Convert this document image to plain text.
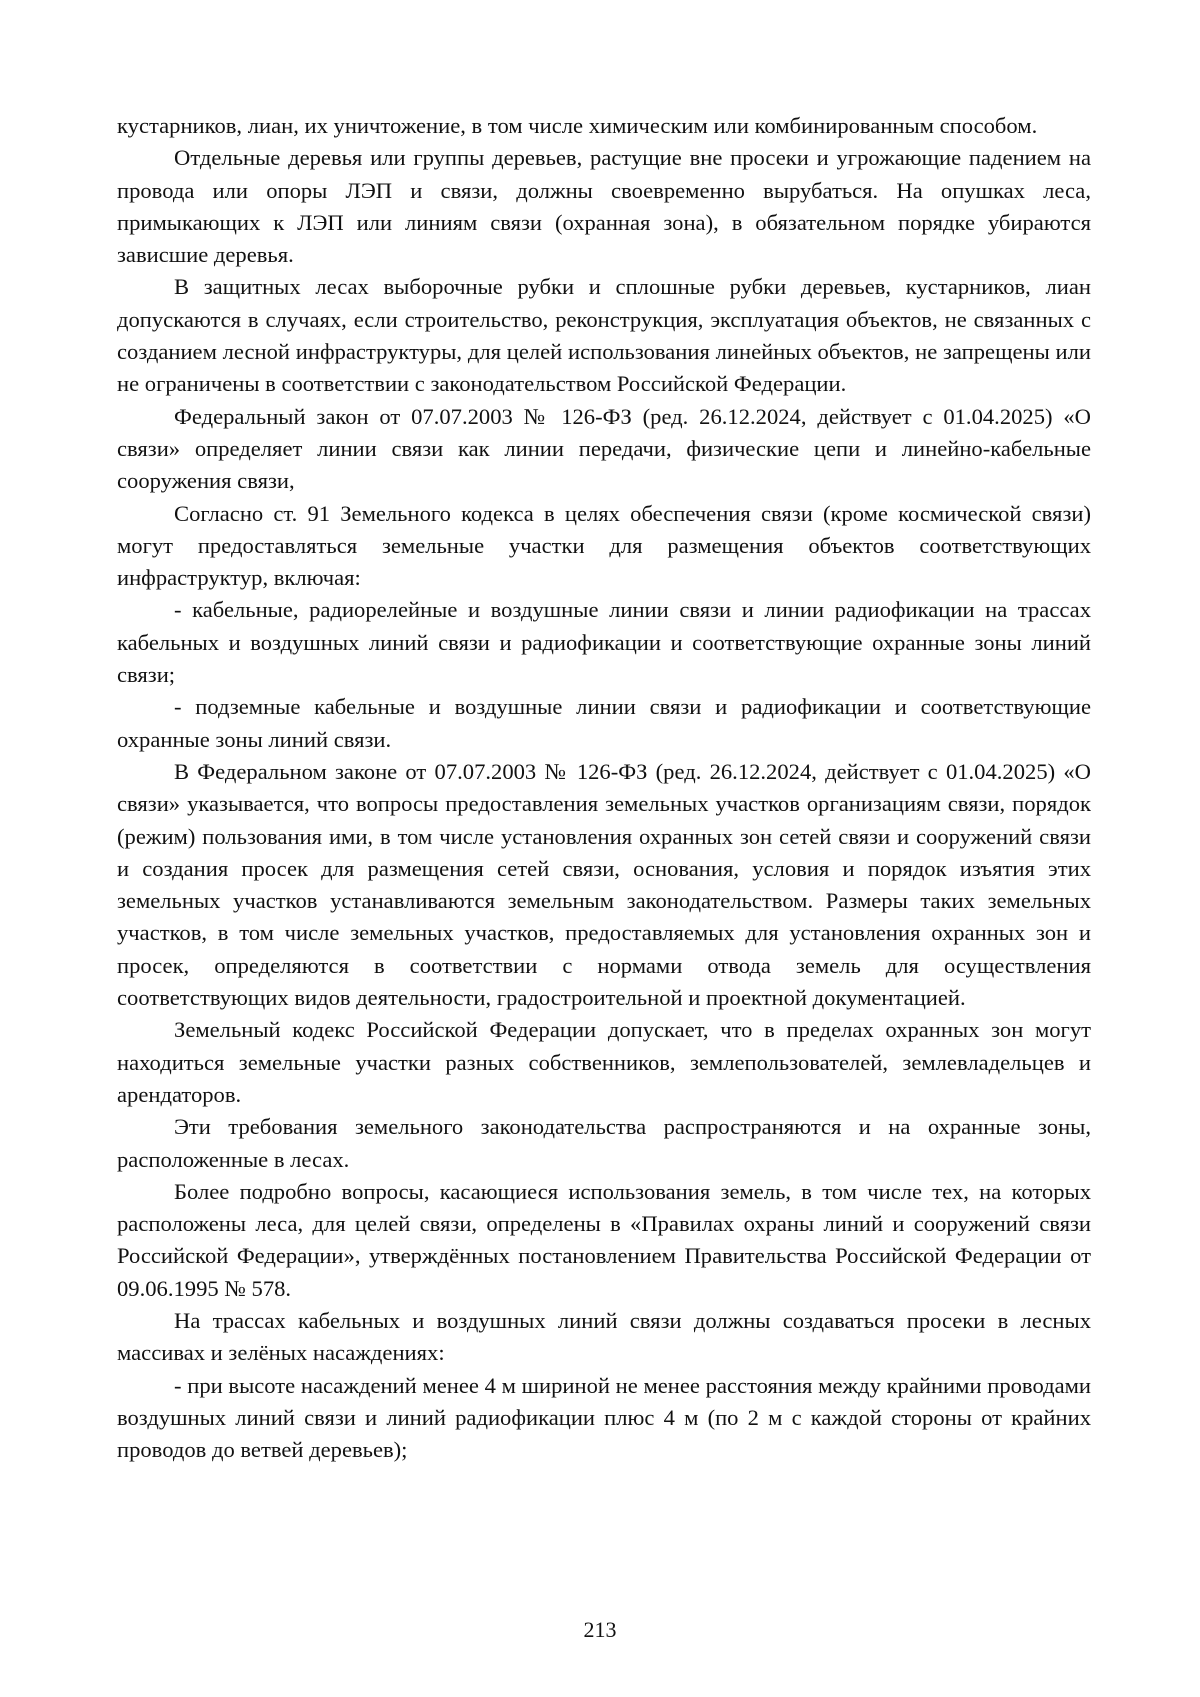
кустарников, лиан, их уничтожение, в том числе химическим или комбинированным способом.

Отдельные деревья или группы деревьев, растущие вне просеки и угрожающие падением на провода или опоры ЛЭП и связи, должны своевременно вырубаться. На опушках леса, примыкающих к ЛЭП или линиям связи (охранная зона), в обязательном порядке убираются зависшие деревья.

В защитных лесах выборочные рубки и сплошные рубки деревьев, кустарников, лиан допускаются в случаях, если строительство, реконструкция, эксплуатация объектов, не связанных с созданием лесной инфраструктуры, для целей использования линейных объектов, не запрещены или не ограничены в соответствии с законодательством Российской Федерации.

Федеральный закон от 07.07.2003 № 126-ФЗ (ред. 26.12.2024, действует с 01.04.2025) «О связи» определяет линии связи как линии передачи, физические цепи и линейно-кабельные сооружения связи,

Согласно ст. 91 Земельного кодекса в целях обеспечения связи (кроме космической связи) могут предоставляться земельные участки для размещения объектов соответствующих инфраструктур, включая:

- кабельные, радиорелейные и воздушные линии связи и линии радиофикации на трассах кабельных и воздушных линий связи и радиофикации и соответствующие охранные зоны линий связи;

- подземные кабельные и воздушные линии связи и радиофикации и соответствующие охранные зоны линий связи.

В Федеральном законе от 07.07.2003 № 126-ФЗ (ред. 26.12.2024, действует с 01.04.2025) «О связи» указывается, что вопросы предоставления земельных участков организациям связи, порядок (режим) пользования ими, в том числе установления охранных зон сетей связи и сооружений связи и создания просек для размещения сетей связи, основания, условия и порядок изъятия этих земельных участков устанавливаются земельным законодательством. Размеры таких земельных участков, в том числе земельных участков, предоставляемых для установления охранных зон и просек, определяются в соответствии с нормами отвода земель для осуществления соответствующих видов деятельности, градостроительной и проектной документацией.

Земельный кодекс Российской Федерации допускает, что в пределах охранных зон могут находиться земельные участки разных собственников, землепользователей, землевладельцев и арендаторов.

Эти требования земельного законодательства распространяются и на охранные зоны, расположенные в лесах.

Более подробно вопросы, касающиеся использования земель, в том числе тех, на которых расположены леса, для целей связи, определены в «Правилах охраны линий и сооружений связи Российской Федерации», утверждённых постановлением Правительства Российской Федерации от 09.06.1995 № 578.

На трассах кабельных и воздушных линий связи должны создаваться просеки в лесных массивах и зелёных насаждениях:

- при высоте насаждений менее 4 м шириной не менее расстояния между крайними проводами воздушных линий связи и линий радиофикации плюс 4 м (по 2 м с каждой стороны от крайних проводов до ветвей деревьев);

213
